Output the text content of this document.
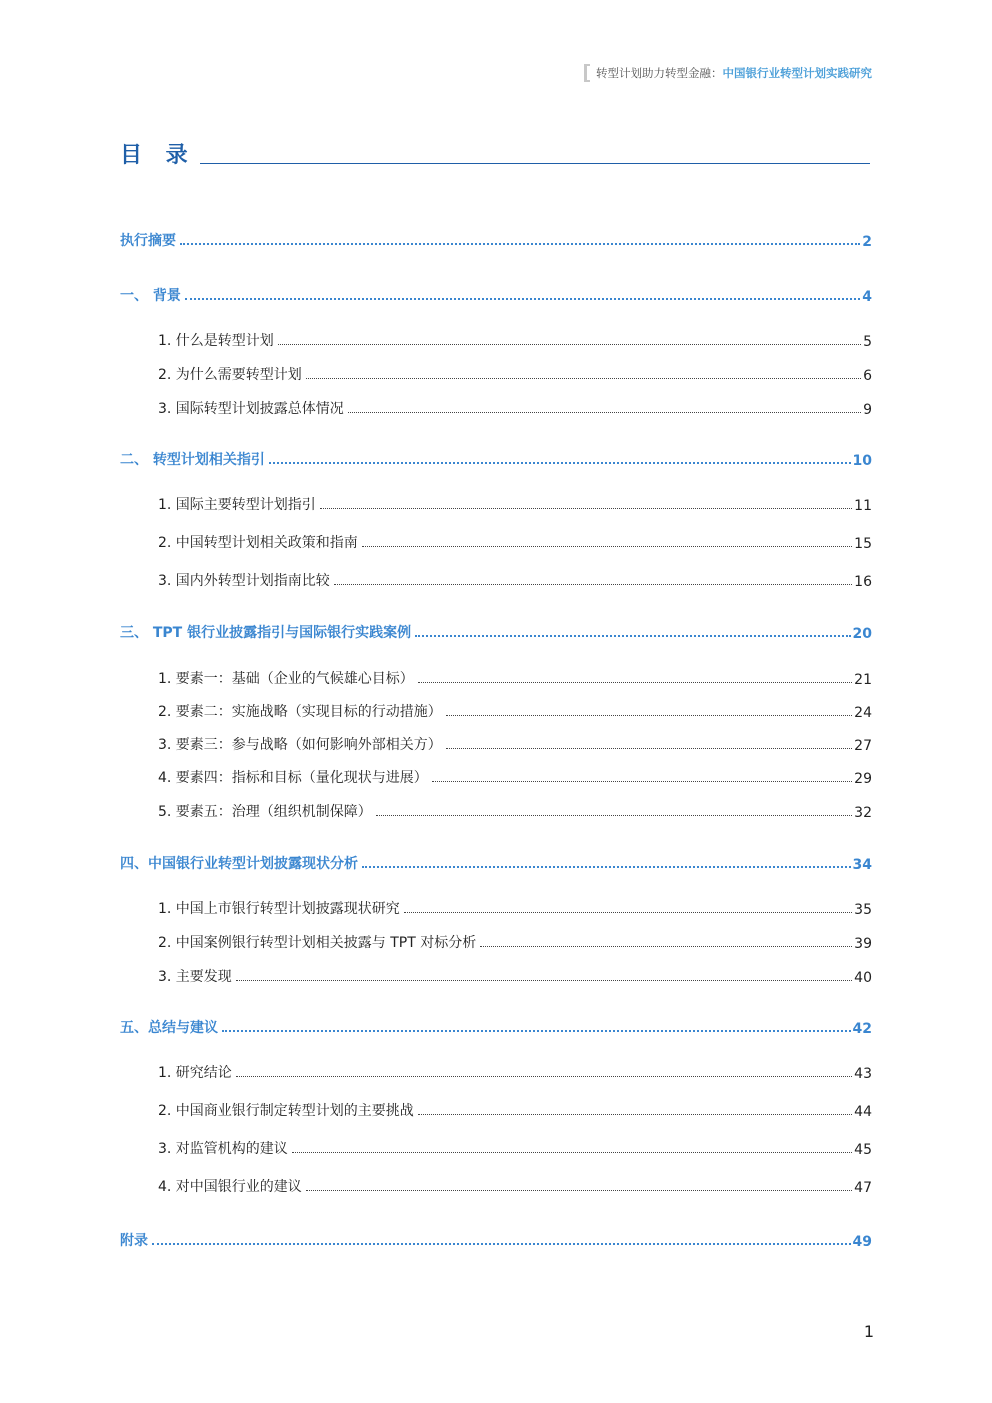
转型计划助力转型金融： 中国银行业转型计划实践研究
目 录
执行摘要	2
一、 背景	4
1. 什么是转型计划	5
2. 为什么需要转型计划	6
3. 国际转型计划披露总体情况	9
二、 转型计划相关指引	10
1. 国际主要转型计划指引	11
2. 中国转型计划相关政策和指南	15
3. 国内外转型计划指南比较	16
三、 TPT 银行业披露指引与国际银行实践案例	20
1. 要素一：基础（企业的气候雄心目标）	21
2. 要素二：实施战略（实现目标的行动措施）	24
3. 要素三：参与战略（如何影响外部相关方）	27
4. 要素四：指标和目标（量化现状与进展）	29
5. 要素五：治理（组织机制保障）	32
四、中国银行业转型计划披露现状分析	34
1. 中国上市银行转型计划披露现状研究	35
2. 中国案例银行转型计划相关披露与 TPT 对标分析	39
3. 主要发现	40
五、总结与建议	42
1. 研究结论	43
2. 中国商业银行制定转型计划的主要挑战	44
3. 对监管机构的建议	45
4. 对中国银行业的建议	47
附录	49
1
